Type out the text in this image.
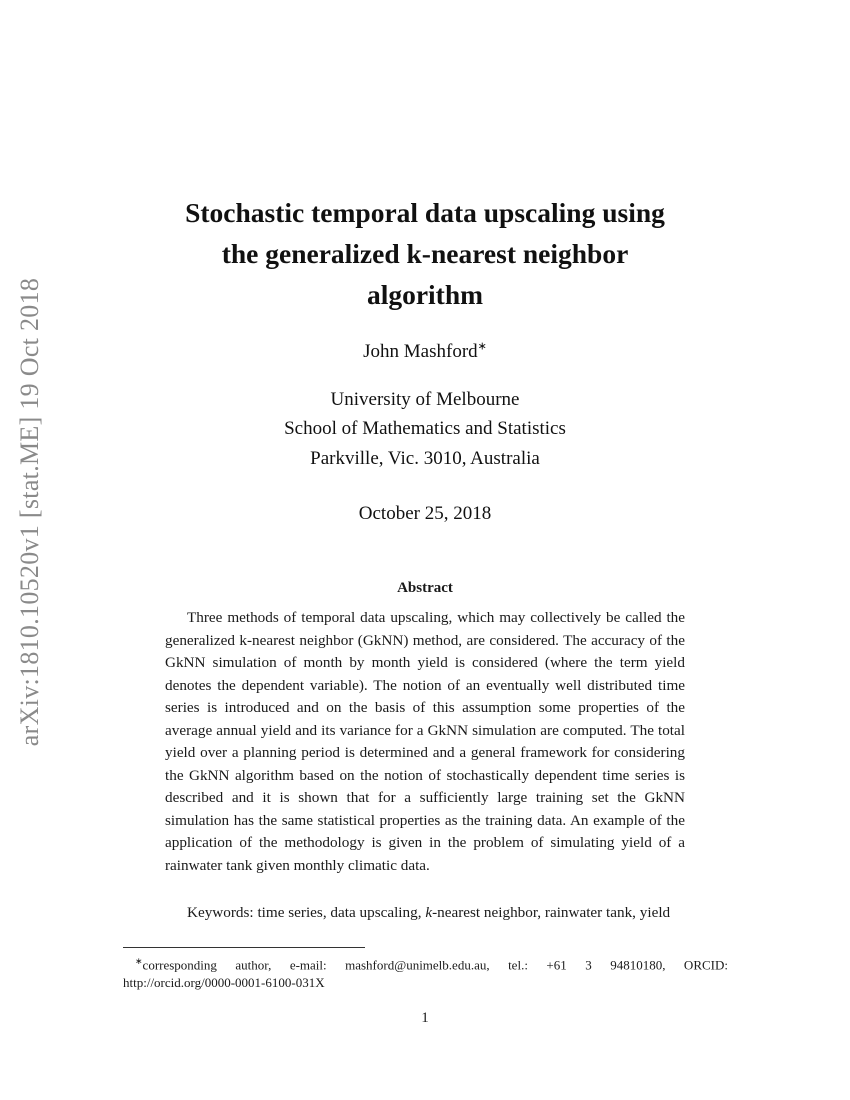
arXiv:1810.10520v1 [stat.ME] 19 Oct 2018
Stochastic temporal data upscaling using
the generalized k-nearest neighbor
algorithm
John Mashford∗
University of Melbourne
School of Mathematics and Statistics
Parkville, Vic. 3010, Australia
October 25, 2018
Abstract

Three methods of temporal data upscaling, which may collectively be called the generalized k-nearest neighbor (GkNN) method, are considered. The accuracy of the GkNN simulation of month by month yield is considered (where the term yield denotes the dependent variable). The notion of an eventually well distributed time series is introduced and on the basis of this assumption some properties of the average annual yield and its variance for a GkNN simulation are computed. The total yield over a planning period is determined and a general framework for considering the GkNN algorithm based on the notion of stochastically dependent time series is described and it is shown that for a sufficiently large training set the GkNN simulation has the same statistical properties as the training data. An example of the application of the methodology is given in the problem of simulating yield of a rainwater tank given monthly climatic data.

Keywords: time series, data upscaling, k-nearest neighbor, rainwater tank, yield

∗corresponding author, e-mail: mashford@unimelb.edu.au, tel.: +61 3 94810180, ORCID:
http://orcid.org/0000-0001-6100-031X
1
